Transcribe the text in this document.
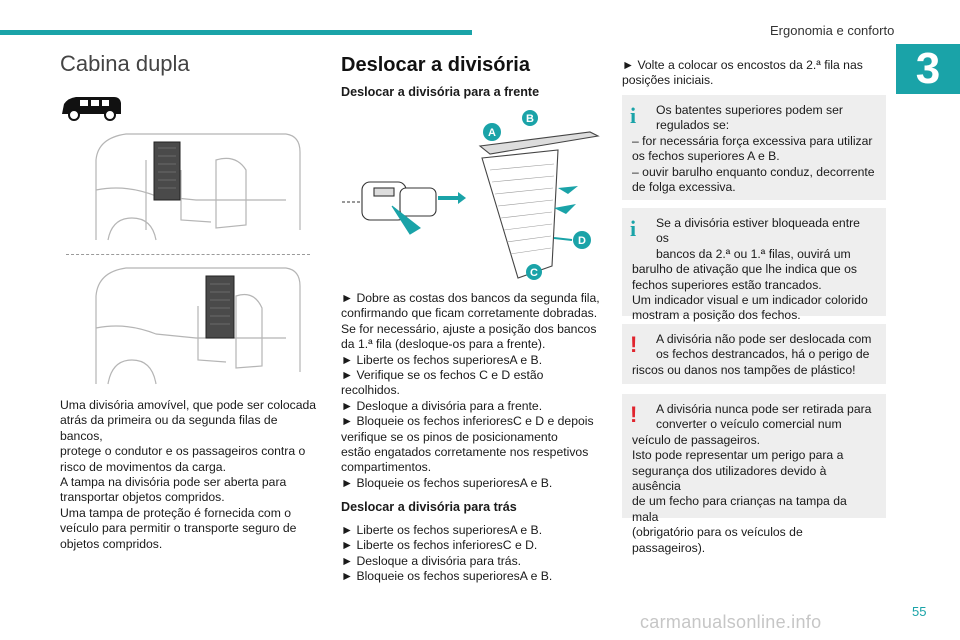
Ergonomia e conforto
3
Cabina dupla
Uma divisória amovível, que pode ser colocada
atrás da primeira ou da segunda filas de bancos,
protege o condutor e os passageiros contra o
risco de movimentos da carga.
A tampa na divisória pode ser aberta para
transportar objetos compridos.
Uma tampa de proteção é fornecida com o
veículo para permitir o transporte seguro de
objetos compridos.
Deslocar a divisória
Deslocar a divisória para a frente
A
B
D
C
► Dobre as costas dos bancos da segunda fila,
confirmando que ficam corretamente dobradas.
Se for necessário, ajuste a posição dos bancos
da 1.ª fila (desloque-os para a frente).
► Liberte os fechos superioresA e B.
► Verifique se os fechos C e D estão
recolhidos.
► Desloque a divisória para a frente.
► Bloqueie os fechos inferioresC e D e depois
verifique se os pinos de posicionamento
estão engatados corretamente nos respetivos
compartimentos.
► Bloqueie os fechos superioresA e B.
Deslocar a divisória para trás
► Liberte os fechos superioresA e B.
► Liberte os fechos inferioresC e D.
► Desloque a divisória para trás.
► Bloqueie os fechos superioresA e B.
► Volte a colocar os encostos da 2.ª fila nas
posições iniciais.
i	Os batentes superiores podem ser
regulados se:
– for necessária força excessiva para utilizar
os fechos superiores A e B.
– ouvir barulho enquanto conduz, decorrente
de folga excessiva.
i	Se a divisória estiver bloqueada entre os
bancos da 2.ª ou 1.ª filas, ouvirá um
barulho de ativação que lhe indica que os
fechos superiores estão trancados.
Um indicador visual e um indicador colorido
mostram a posição dos fechos.
!	A divisória não pode ser deslocada com
os fechos destrancados, há o perigo de
riscos ou danos nos tampões de plástico!
!	A divisória nunca pode ser retirada para
converter o veículo comercial num
veículo de passageiros.
Isto pode representar um perigo para a
segurança dos utilizadores devido à ausência
de um fecho para crianças na tampa da mala
(obrigatório para os veículos de passageiros).
carmanualsonline.info
55
